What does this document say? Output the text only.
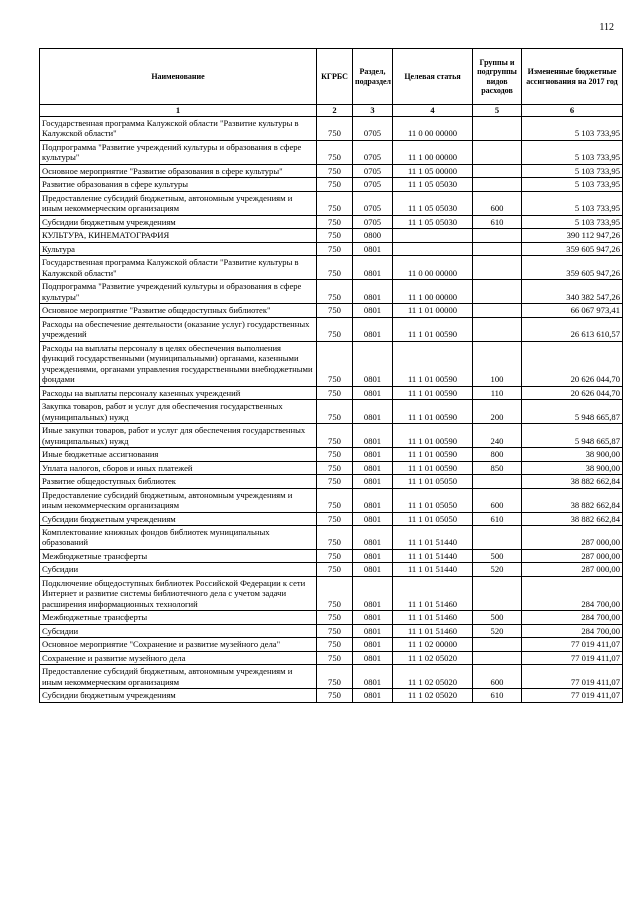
112
Наименование	КГРБС	Раздел, подраздел	Целевая статья	Группы и подгруппы видов расходов	Измененные бюджетные ассигнования на 2017 год
1	2	3	4	5	6
Государственная программа Калужской области "Развитие культуры в Калужской области"	750	0705	11 0 00 00000		5 103 733,95
Подпрограмма "Развитие учреждений культуры и образования в сфере культуры"	750	0705	11 1 00 00000		5 103 733,95
Основное мероприятие "Развитие образования в сфере культуры"	750	0705	11 1 05 00000		5 103 733,95
Развитие образования в сфере культуры	750	0705	11 1 05 05030		5 103 733,95
Предоставление субсидий бюджетным, автономным учреждениям и иным некоммерческим организациям	750	0705	11 1 05 05030	600	5 103 733,95
Субсидии бюджетным учреждениям	750	0705	11 1 05 05030	610	5 103 733,95
КУЛЬТУРА, КИНЕМАТОГРАФИЯ	750	0800			390 112 947,26
Культура	750	0801			359 605 947,26
Государственная программа Калужской области "Развитие культуры в Калужской области"	750	0801	11 0 00 00000		359 605 947,26
Подпрограмма "Развитие учреждений культуры и образования в сфере культуры"	750	0801	11 1 00 00000		340 382 547,26
Основное мероприятие "Развитие общедоступных библиотек"	750	0801	11 1 01 00000		66 067 973,41
Расходы на обеспечение деятельности (оказание услуг) государственных учреждений	750	0801	11 1 01 00590		26 613 610,57
Расходы на выплаты персоналу в целях обеспечения выполнения функций государственными (муниципальными) органами, казенными учреждениями, органами управления государственными внебюджетными фондами	750	0801	11 1 01 00590	100	20 626 044,70
Расходы на выплаты персоналу казенных учреждений	750	0801	11 1 01 00590	110	20 626 044,70
Закупка товаров, работ и услуг для обеспечения государственных (муниципальных) нужд	750	0801	11 1 01 00590	200	5 948 665,87
Иные закупки товаров, работ и услуг для обеспечения государственных (муниципальных) нужд	750	0801	11 1 01 00590	240	5 948 665,87
Иные бюджетные ассигнования	750	0801	11 1 01 00590	800	38 900,00
Уплата налогов, сборов и иных платежей	750	0801	11 1 01 00590	850	38 900,00
Развитие общедоступных библиотек	750	0801	11 1 01 05050		38 882 662,84
Предоставление субсидий бюджетным, автономным учреждениям и иным некоммерческим организациям	750	0801	11 1 01 05050	600	38 882 662,84
Субсидии бюджетным учреждениям	750	0801	11 1 01 05050	610	38 882 662,84
Комплектование книжных фондов библиотек муниципальных образований	750	0801	11 1 01 51440		287 000,00
Межбюджетные трансферты	750	0801	11 1 01 51440	500	287 000,00
Субсидии	750	0801	11 1 01 51440	520	287 000,00
Подключение общедоступных библиотек Российской Федерации к сети Интернет и развитие системы библиотечного дела с учетом задачи расширения информационных технологий	750	0801	11 1 01 51460		284 700,00
Межбюджетные трансферты	750	0801	11 1 01 51460	500	284 700,00
Субсидии	750	0801	11 1 01 51460	520	284 700,00
Основное мероприятие "Сохранение и развитие музейного дела"	750	0801	11 1 02 00000		77 019 411,07
Сохранение и развитие музейного дела	750	0801	11 1 02 05020		77 019 411,07
Предоставление субсидий бюджетным, автономным учреждениям и иным некоммерческим организациям	750	0801	11 1 02 05020	600	77 019 411,07
Субсидии бюджетным учреждениям	750	0801	11 1 02 05020	610	77 019 411,07
